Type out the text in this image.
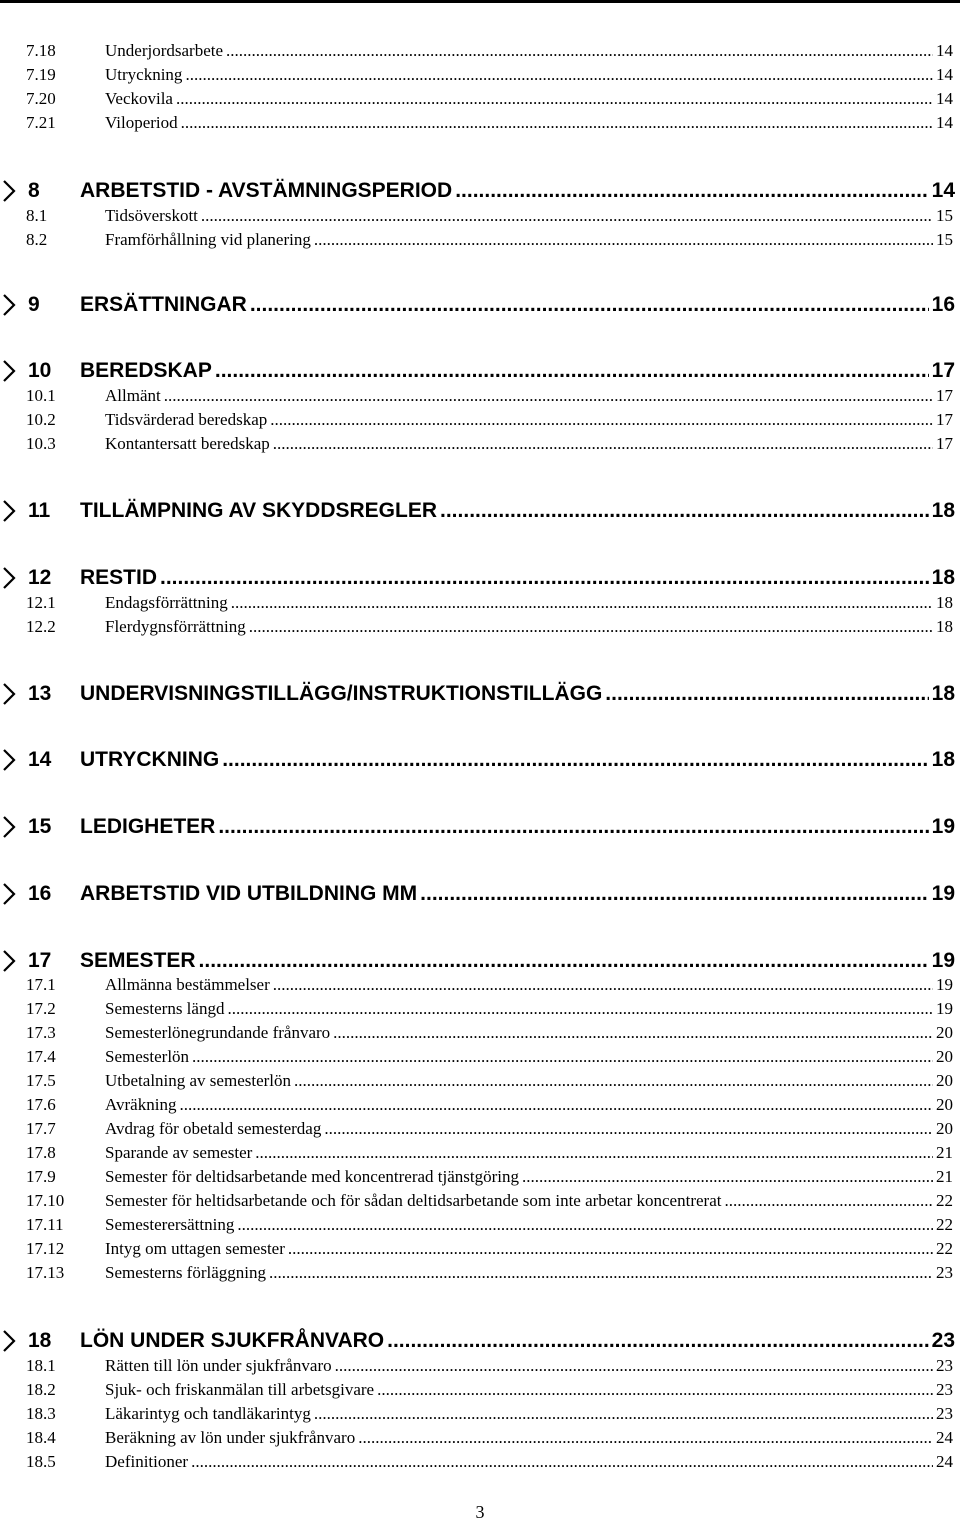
7.18	Underjordsarbete .....	14
7.19	Utryckning .....	14
7.20	Veckovila .....	14
7.21	Viloperiod .....	14
8 ARBETSTID - AVSTÄMNINGSPERIOD .....	14
8.1	Tidsöverskott .....	15
8.2	Framförhållning vid planering .....	15
9 ERSÄTTNINGAR .....	16
10 BEREDSKAP .....	17
10.1	Allmänt .....	17
10.2	Tidsvärderad beredskap .....	17
10.3	Kontantersatt beredskap .....	17
11 TILLÄMPNING AV SKYDDSREGLER .....	18
12 RESTID .....	18
12.1	Endagsförrättning .....	18
12.2	Flerdygnsförrättning .....	18
13 UNDERVISNINGSTILLÄGG/INSTRUKTIONSTILLÄGG .....	18
14 UTRYCKNING .....	18
15 LEDIGHETER .....	19
16 ARBETSTID VID UTBILDNING MM .....	19
17 SEMESTER .....	19
17.1	Allmänna bestämmelser .....	19
17.2	Semesterns längd .....	19
17.3	Semesterlönegrundande frånvaro .....	20
17.4	Semesterlön .....	20
17.5	Utbetalning av semesterlön .....	20
17.6	Avräkning .....	20
17.7	Avdrag för obetald semesterdag .....	20
17.8	Sparande av semester .....	21
17.9	Semester för deltidsarbetande med koncentrerad tjänstgöring .....	21
17.10 Semester för heltidsarbetande och för sådan deltidsarbetande som inte arbetar koncentrerat .....	22
17.11 Semesterersättning .....	22
17.12 Intyg om uttagen semester .....	22
17.13 Semesterns förläggning .....	23
18 LÖN UNDER SJUKFRÅNVARO .....	23
18.1	Rätten till lön under sjukfrånvaro .....	23
18.2	Sjuk- och friskanmälan till arbetsgivare .....	23
18.3	Läkarintyg och tandläkarintyg .....	23
18.4	Beräkning av lön under sjukfrånvaro .....	24
18.5	Definitioner .....	24
3
